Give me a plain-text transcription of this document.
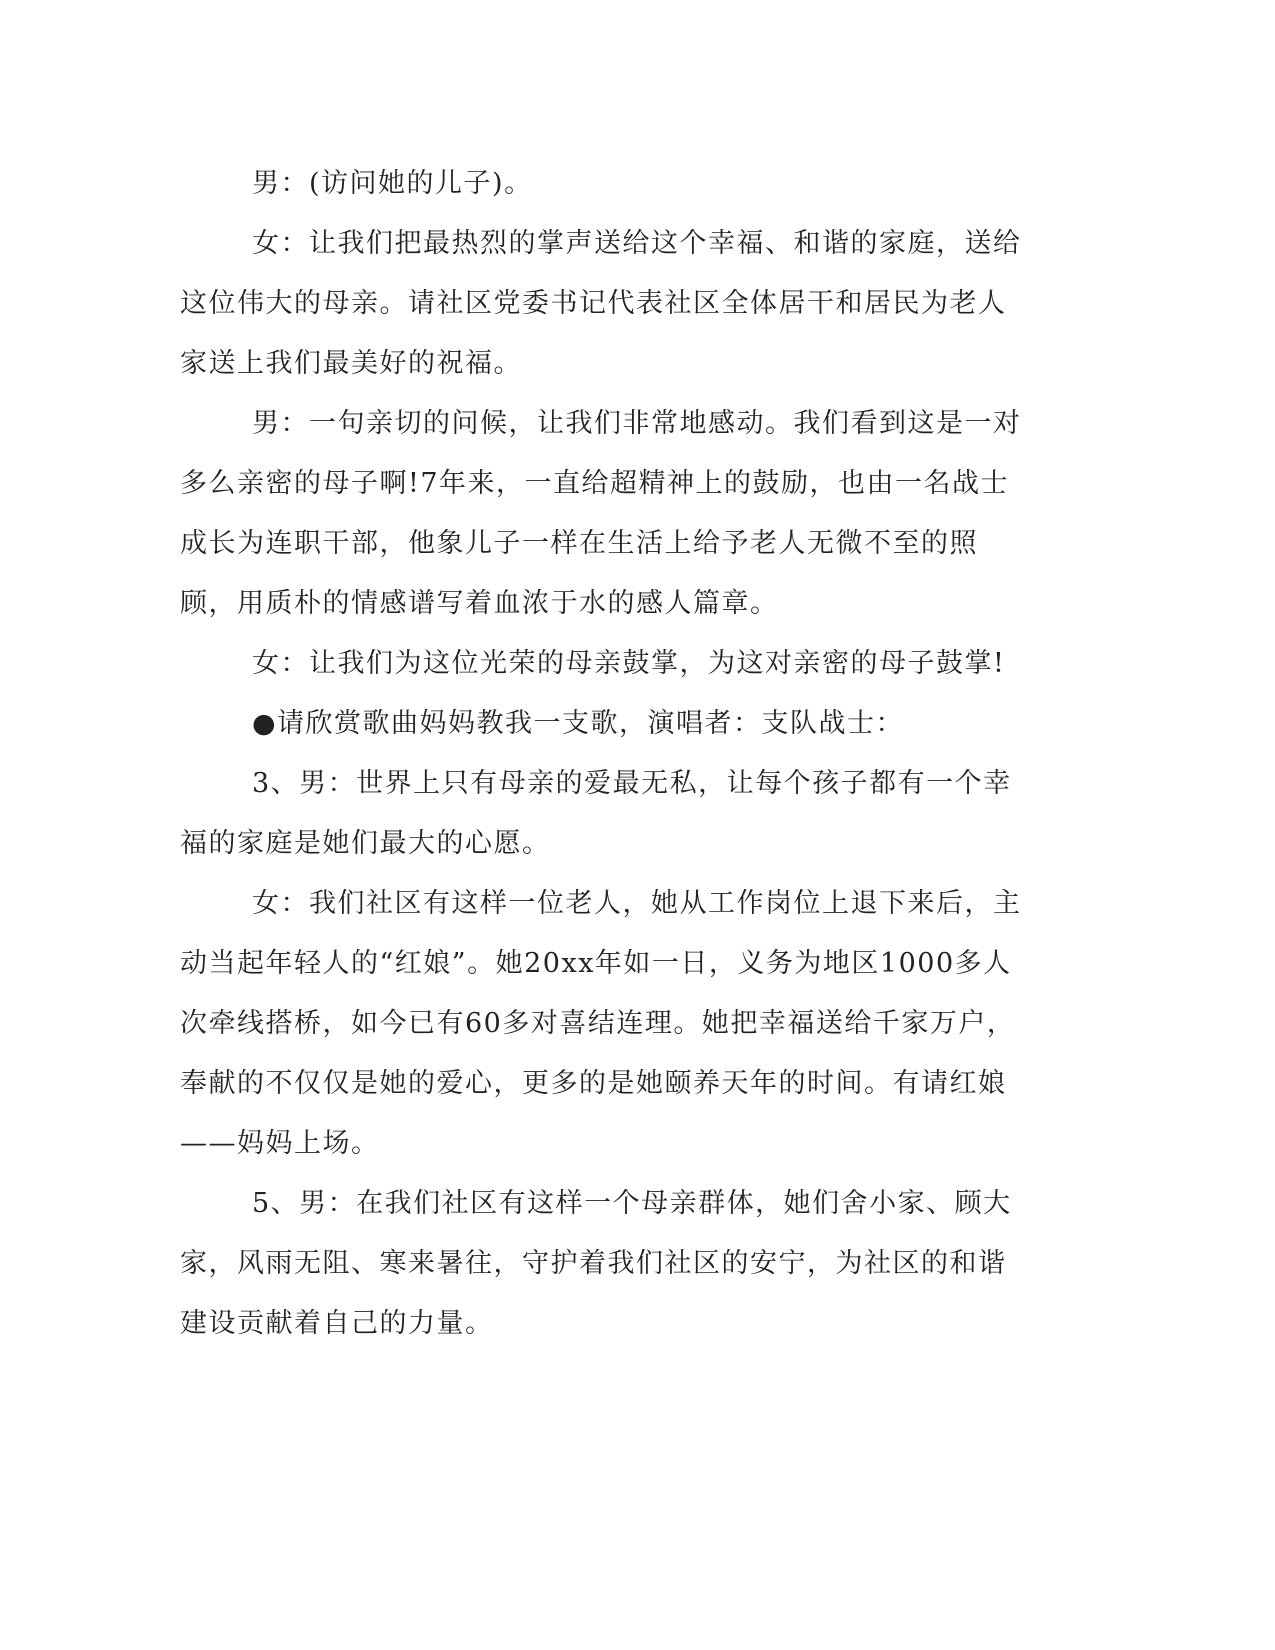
男：(访问她的儿子)。

女：让我们把最热烈的掌声送给这个幸福、和谐的家庭，送给这位伟大的母亲。请社区党委书记代表社区全体居干和居民为老人家送上我们最美好的祝福。

男：一句亲切的问候，让我们非常地感动。我们看到这是一对多么亲密的母子啊!7年来，一直给超精神上的鼓励，也由一名战士成长为连职干部，他象儿子一样在生活上给予老人无微不至的照顾，用质朴的情感谱写着血浓于水的感人篇章。

女：让我们为这位光荣的母亲鼓掌，为这对亲密的母子鼓掌!

●请欣赏歌曲妈妈教我一支歌，演唱者：支队战士：

3、男：世界上只有母亲的爱最无私，让每个孩子都有一个幸福的家庭是她们最大的心愿。

女：我们社区有这样一位老人，她从工作岗位上退下来后，主动当起年轻人的“红娘”。她20xx年如一日，义务为地区1000多人次牵线搭桥，如今已有60多对喜结连理。她把幸福送给千家万户，奉献的不仅仅是她的爱心，更多的是她颐养天年的时间。有请红娘——妈妈上场。

5、男：在我们社区有这样一个母亲群体，她们舍小家、顾大家，风雨无阻、寒来暑往，守护着我们社区的安宁，为社区的和谐建设贡献着自己的力量。
